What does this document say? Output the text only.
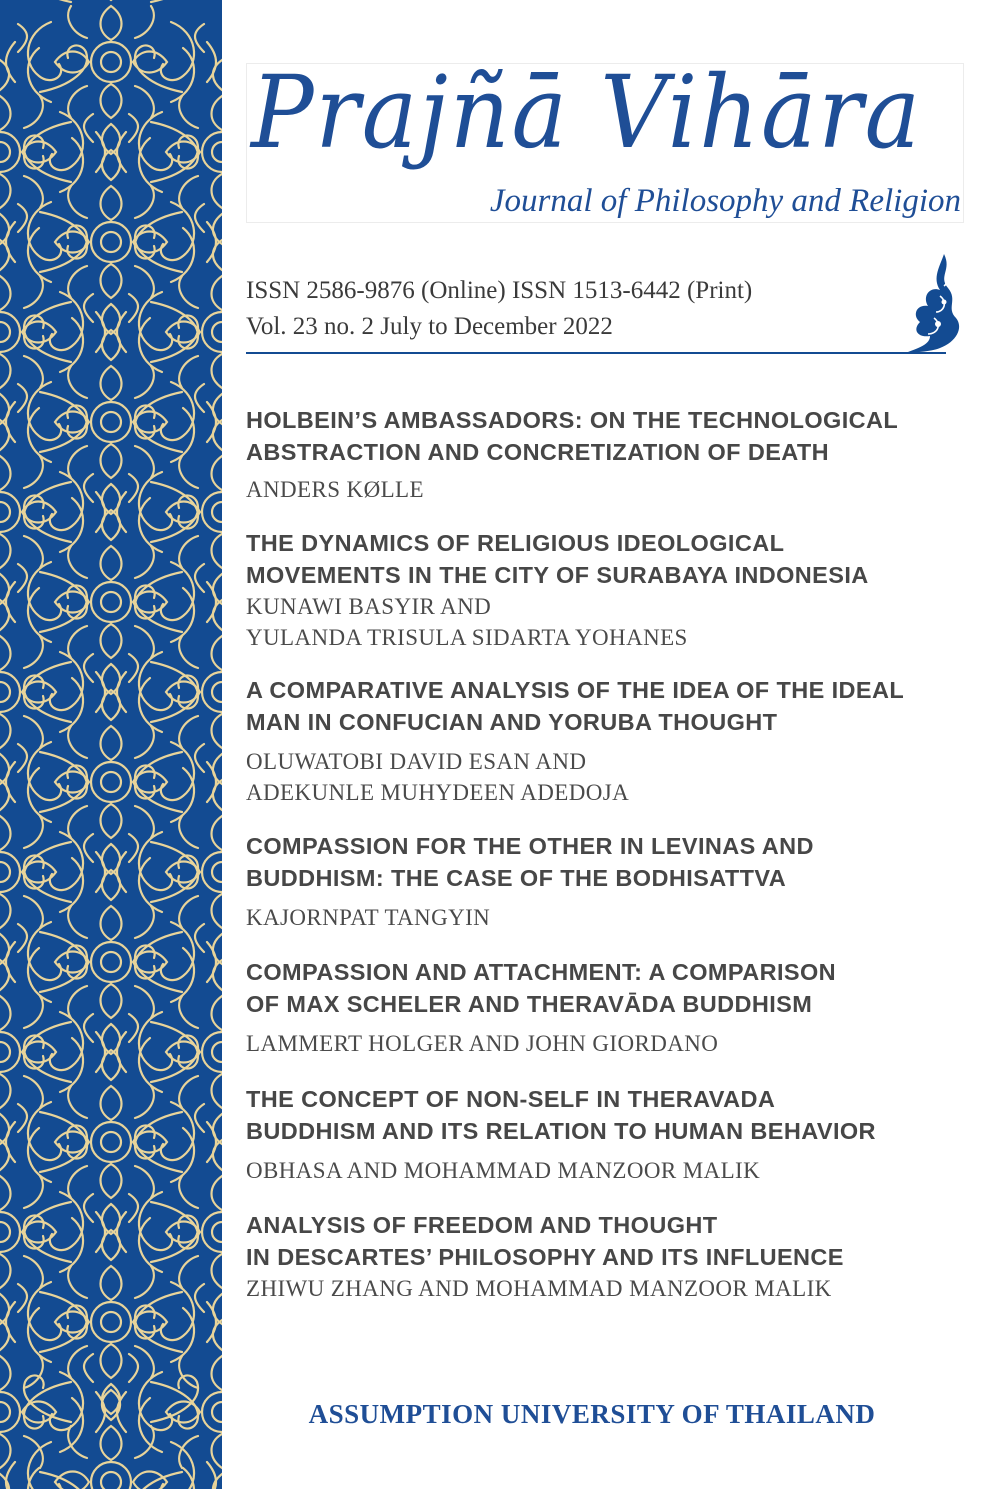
Prajñā Vihāra
Journal of Philosophy and Religion
ISSN 2586-9876 (Online) ISSN 1513-6442 (Print)
Vol. 23 no. 2 July to December 2022
HOLBEIN’S AMBASSADORS: ON THE TECHNOLOGICAL
ABSTRACTION AND CONCRETIZATION OF DEATH
ANDERS KØLLE
THE DYNAMICS OF RELIGIOUS IDEOLOGICAL
MOVEMENTS IN THE CITY OF SURABAYA INDONESIA
KUNAWI BASYIR AND
YULANDA TRISULA SIDARTA YOHANES
A COMPARATIVE ANALYSIS OF THE IDEA OF THE IDEAL
MAN IN CONFUCIAN AND YORUBA THOUGHT
OLUWATOBI DAVID ESAN AND
ADEKUNLE MUHYDEEN ADEDOJA
COMPASSION FOR THE OTHER IN LEVINAS AND
BUDDHISM: THE CASE OF THE BODHISATTVA
KAJORNPAT TANGYIN
COMPASSION AND ATTACHMENT: A COMPARISON
OF MAX SCHELER AND THERAVĀDA BUDDHISM
LAMMERT HOLGER AND JOHN GIORDANO
THE CONCEPT OF NON-SELF IN THERAVADA
BUDDHISM AND ITS RELATION TO HUMAN BEHAVIOR
OBHASA AND MOHAMMAD MANZOOR MALIK
ANALYSIS OF FREEDOM AND THOUGHT
IN DESCARTES’ PHILOSOPHY AND ITS INFLUENCE
ZHIWU ZHANG AND MOHAMMAD MANZOOR MALIK
ASSUMPTION UNIVERSITY OF THAILAND
